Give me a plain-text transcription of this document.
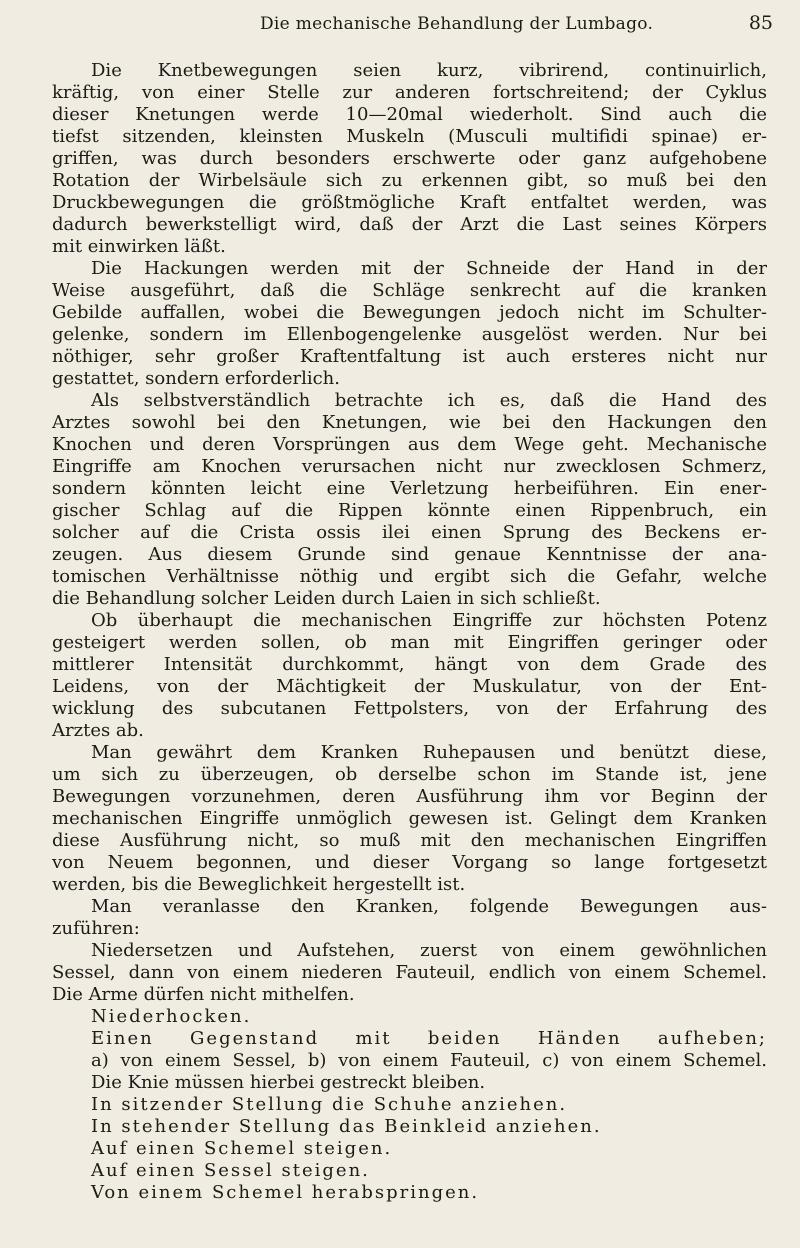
Die mechanische Behandlung der Lumbago.	85
Die Knetbewegungen seien kurz, vibrirend, continuirlich,
kräftig, von einer Stelle zur anderen fortschreitend; der Cyklus
dieser Knetungen werde 10—20mal wiederholt. Sind auch die
tiefst sitzenden, kleinsten Muskeln (Musculi multifidi spinae) er-
griffen, was durch besonders erschwerte oder ganz aufgehobene
Rotation der Wirbelsäule sich zu erkennen gibt, so muß bei den
Druckbewegungen die größtmögliche Kraft entfaltet werden, was
dadurch bewerkstelligt wird, daß der Arzt die Last seines Körpers
mit einwirken läßt.
Die Hackungen werden mit der Schneide der Hand in der
Weise ausgeführt, daß die Schläge senkrecht auf die kranken
Gebilde auffallen, wobei die Bewegungen jedoch nicht im Schulter-
gelenke, sondern im Ellenbogengelenke ausgelöst werden. Nur bei
nöthiger, sehr großer Kraftentfaltung ist auch ersteres nicht nur
gestattet, sondern erforderlich.
Als selbstverständlich betrachte ich es, daß die Hand des
Arztes sowohl bei den Knetungen, wie bei den Hackungen den
Knochen und deren Vorsprüngen aus dem Wege geht. Mechanische
Eingriffe am Knochen verursachen nicht nur zwecklosen Schmerz,
sondern könnten leicht eine Verletzung herbeiführen. Ein ener-
gischer Schlag auf die Rippen könnte einen Rippenbruch, ein
solcher auf die Crista ossis ilei einen Sprung des Beckens er-
zeugen. Aus diesem Grunde sind genaue Kenntnisse der ana-
tomischen Verhältnisse nöthig und ergibt sich die Gefahr, welche
die Behandlung solcher Leiden durch Laien in sich schließt.
Ob überhaupt die mechanischen Eingriffe zur höchsten Potenz
gesteigert werden sollen, ob man mit Eingriffen geringer oder
mittlerer Intensität durchkommt, hängt von dem Grade des
Leidens, von der Mächtigkeit der Muskulatur, von der Ent-
wicklung des subcutanen Fettpolsters, von der Erfahrung des
Arztes ab.
Man gewährt dem Kranken Ruhepausen und benützt diese,
um sich zu überzeugen, ob derselbe schon im Stande ist, jene
Bewegungen vorzunehmen, deren Ausführung ihm vor Beginn der
mechanischen Eingriffe unmöglich gewesen ist. Gelingt dem Kranken
diese Ausführung nicht, so muß mit den mechanischen Eingriffen
von Neuem begonnen, und dieser Vorgang so lange fortgesetzt
werden, bis die Beweglichkeit hergestellt ist.
Man veranlasse den Kranken, folgende Bewegungen aus-
zuführen:
Niedersetzen und Aufstehen, zuerst von einem gewöhnlichen
Sessel, dann von einem niederen Fauteuil, endlich von einem Schemel.
Die Arme dürfen nicht mithelfen.
Niederhocken.
Einen Gegenstand mit beiden Händen aufheben;
a) von einem Sessel, b) von einem Fauteuil, c) von einem Schemel.
Die Knie müssen hierbei gestreckt bleiben.
In sitzender Stellung die Schuhe anziehen.
In stehender Stellung das Beinkleid anziehen.
Auf einen Schemel steigen.
Auf einen Sessel steigen.
Von einem Schemel herabspringen.
